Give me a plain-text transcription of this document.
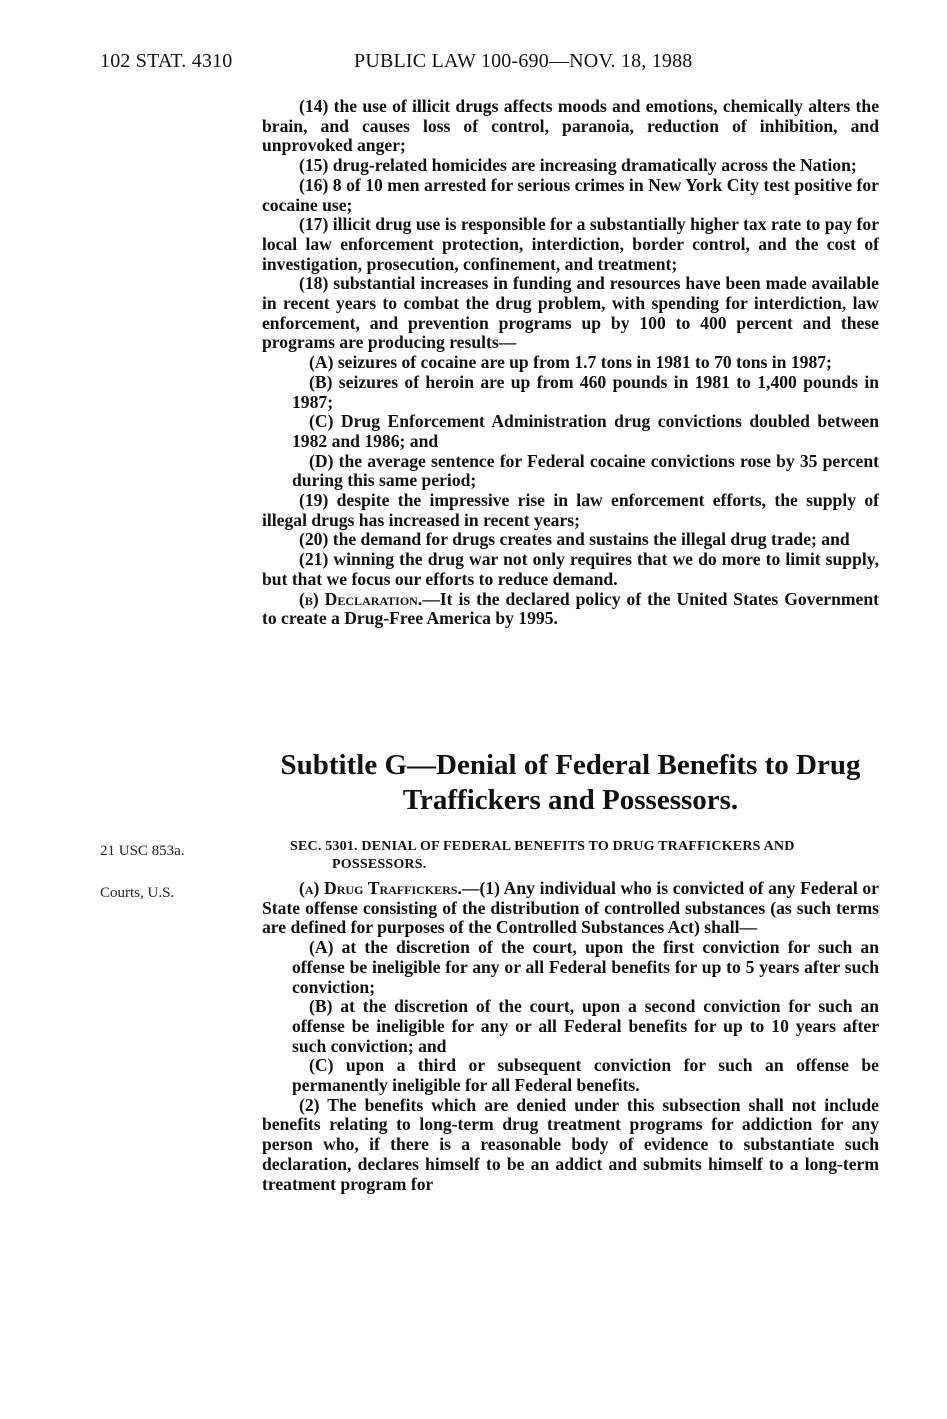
102 STAT. 4310	PUBLIC LAW 100-690—NOV. 18, 1988

(14) the use of illicit drugs affects moods and emotions, chemically alters the brain, and causes loss of control, paranoia, reduction of inhibition, and unprovoked anger;

(15) drug-related homicides are increasing dramatically across the Nation;

(16) 8 of 10 men arrested for serious crimes in New York City test positive for cocaine use;

(17) illicit drug use is responsible for a substantially higher tax rate to pay for local law enforcement protection, interdiction, border control, and the cost of investigation, prosecution, confinement, and treatment;

(18) substantial increases in funding and resources have been made available in recent years to combat the drug problem, with spending for interdiction, law enforcement, and prevention programs up by 100 to 400 percent and these programs are producing results—

(A) seizures of cocaine are up from 1.7 tons in 1981 to 70 tons in 1987;

(B) seizures of heroin are up from 460 pounds in 1981 to 1,400 pounds in 1987;

(C) Drug Enforcement Administration drug convictions doubled between 1982 and 1986; and

(D) the average sentence for Federal cocaine convictions rose by 35 percent during this same period;

(19) despite the impressive rise in law enforcement efforts, the supply of illegal drugs has increased in recent years;

(20) the demand for drugs creates and sustains the illegal drug trade; and

(21) winning the drug war not only requires that we do more to limit supply, but that we focus our efforts to reduce demand.

(b) Declaration.—It is the declared policy of the United States Government to create a Drug-Free America by 1995.

Subtitle G—Denial of Federal Benefits to Drug Traffickers and Possessors.
21 USC 853a.
Courts, U.S.
SEC. 5301. DENIAL OF FEDERAL BENEFITS TO DRUG TRAFFICKERS AND
POSSESSORS.

(a) Drug Traffickers.—(1) Any individual who is convicted of any Federal or State offense consisting of the distribution of controlled substances (as such terms are defined for purposes of the Controlled Substances Act) shall—

(A) at the discretion of the court, upon the first conviction for such an offense be ineligible for any or all Federal benefits for up to 5 years after such conviction;

(B) at the discretion of the court, upon a second conviction for such an offense be ineligible for any or all Federal benefits for up to 10 years after such conviction; and

(C) upon a third or subsequent conviction for such an offense be permanently ineligible for all Federal benefits.

(2) The benefits which are denied under this subsection shall not include benefits relating to long-term drug treatment programs for addiction for any person who, if there is a reasonable body of evidence to substantiate such declaration, declares himself to be an addict and submits himself to a long-term treatment program for
